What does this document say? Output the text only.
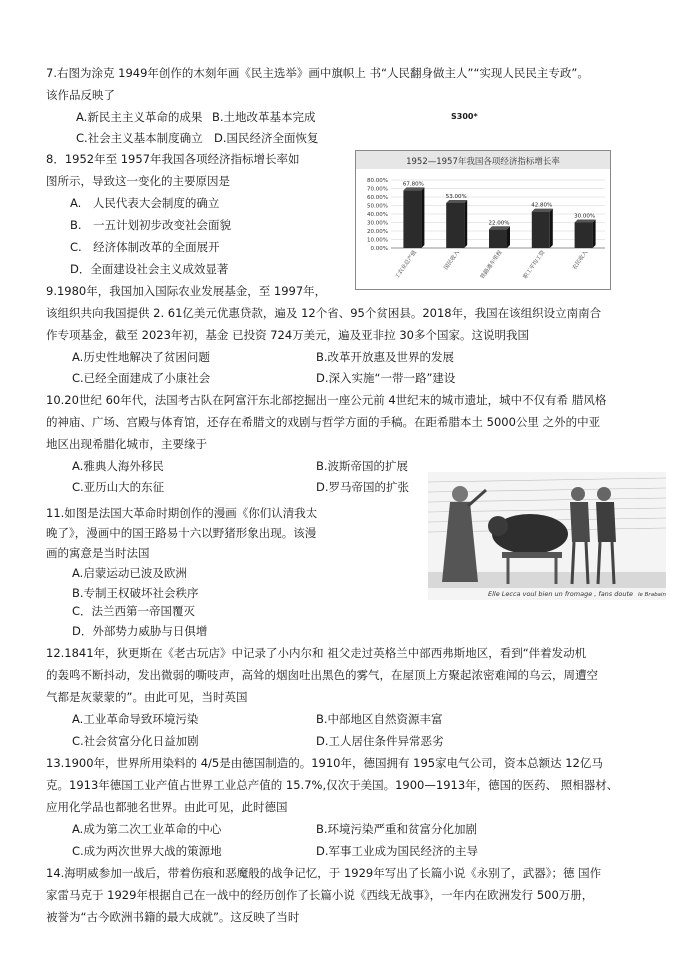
7.右图为涂克 1949年创作的木刻年画《民主选举》画中旗帜上 书“人民翻身做主人”“实现人民民主专政”。
该作品反映了
A.新民主主义革命的成果 B.土地改革基本完成	S300*
C.社会主义基本制度确立 D.国民经济全面恢复
8．1952年至 1957年我国各项经济指标增长率如
图所示，导致这一变化的主要原因是
A.　人民代表大会制度的确立
B.　一五计划初步改变社会面貌
C.　经济体制改革的全面展开
D．全面建设社会主义成效显著
1952—1957年我国各项经济指标增长率
0.00%
10.00%
20.00%
30.00%
40.00%
50.00%
60.00%
70.00%
80.00%
67.80%
工农业总产值
53.00%
国民收入
22.00%
铁路通车里程
42.80%
职工平均工资
30.00%
农民收入
9.1980年，我国加入国际农业发展基金，至 1997年，
该组织共向我国提供 2. 61亿美元优惠贷款，遍及 12个省、95个贫困县。2018年，我国在该组织设立南南合
作专项基金，截至 2023年初，基金 已投资 724万美元，遍及亚非拉 30多个国家。这说明我国
A.历史性地解决了贫困问题	B.改革开放惠及世界的发展
C.已经全面建成了小康社会	D.深入实施“一带一路”建设
10.20世纪 60年代，法国考古队在阿富汗东北部挖掘出一座公元前 4世纪末的城市遗址，城中不仅有希 腊风格
的神庙、广场、宫殿与体育馆，还存在希腊文的戏剧与哲学方面的手稿。在距希腊本土 5000公里 之外的中亚
地区出现希腊化城市，主要缘于
A.雅典人海外移民	B.波斯帝国的扩展
C.亚历山大的东征	D.罗马帝国的扩张
11.如图是法国大革命时期创作的漫画《你们认清我太
晚了》，漫画中的国王路易十六以野猪形象出现。该漫
画的寓意是当时法国
A.启蒙运动已波及欧洲
B.专制王权破坏社会秩序
C．法兰西第一帝国覆灭
D．外部势力威胁与日俱增
Elle Lecca voul bien un fromage , fans doute le Brabain
12.1841年，狄更斯在《老古玩店》中记录了小内尔和 祖父走过英格兰中部西弗斯地区，看到“伴着发动机
的轰鸣不断抖动，发出微弱的嘶吱声，高耸的烟囱吐出黑色的雾气，在屋顶上方聚起浓密难闻的乌云，周遭空
气都是灰蒙蒙的”。由此可见，当时英国
A.工业革命导致环境污染	B.中部地区自然资源丰富
C.社会贫富分化日益加剧	D.工人居住条件异常恶劣
13.1900年，世界所用染料的 4/5是由德国制造的。1910年，德国拥有 195家电气公司，资本总额达 12亿马
克。1913年德国工业产值占世界工业总产值的 15.7%,仅次于美国。1900—1913年，德国的医药、 照相器材、
应用化学品也都驰名世界。由此可见，此时德国
A.成为第二次工业革命的中心	B.环境污染严重和贫富分化加剧
C.成为两次世界大战的策源地	D.军事工业成为国民经济的主导
14.海明威参加一战后，带着伤痕和恶魔般的战争记忆，于 1929年写出了长篇小说《永别了，武器》；德 国作
家雷马克于 1929年根据自己在一战中的经历创作了长篇小说《西线无战事》，一年内在欧洲发行 500万册，
被誉为“古今欧洲书籍的最大成就”。这反映了当时
